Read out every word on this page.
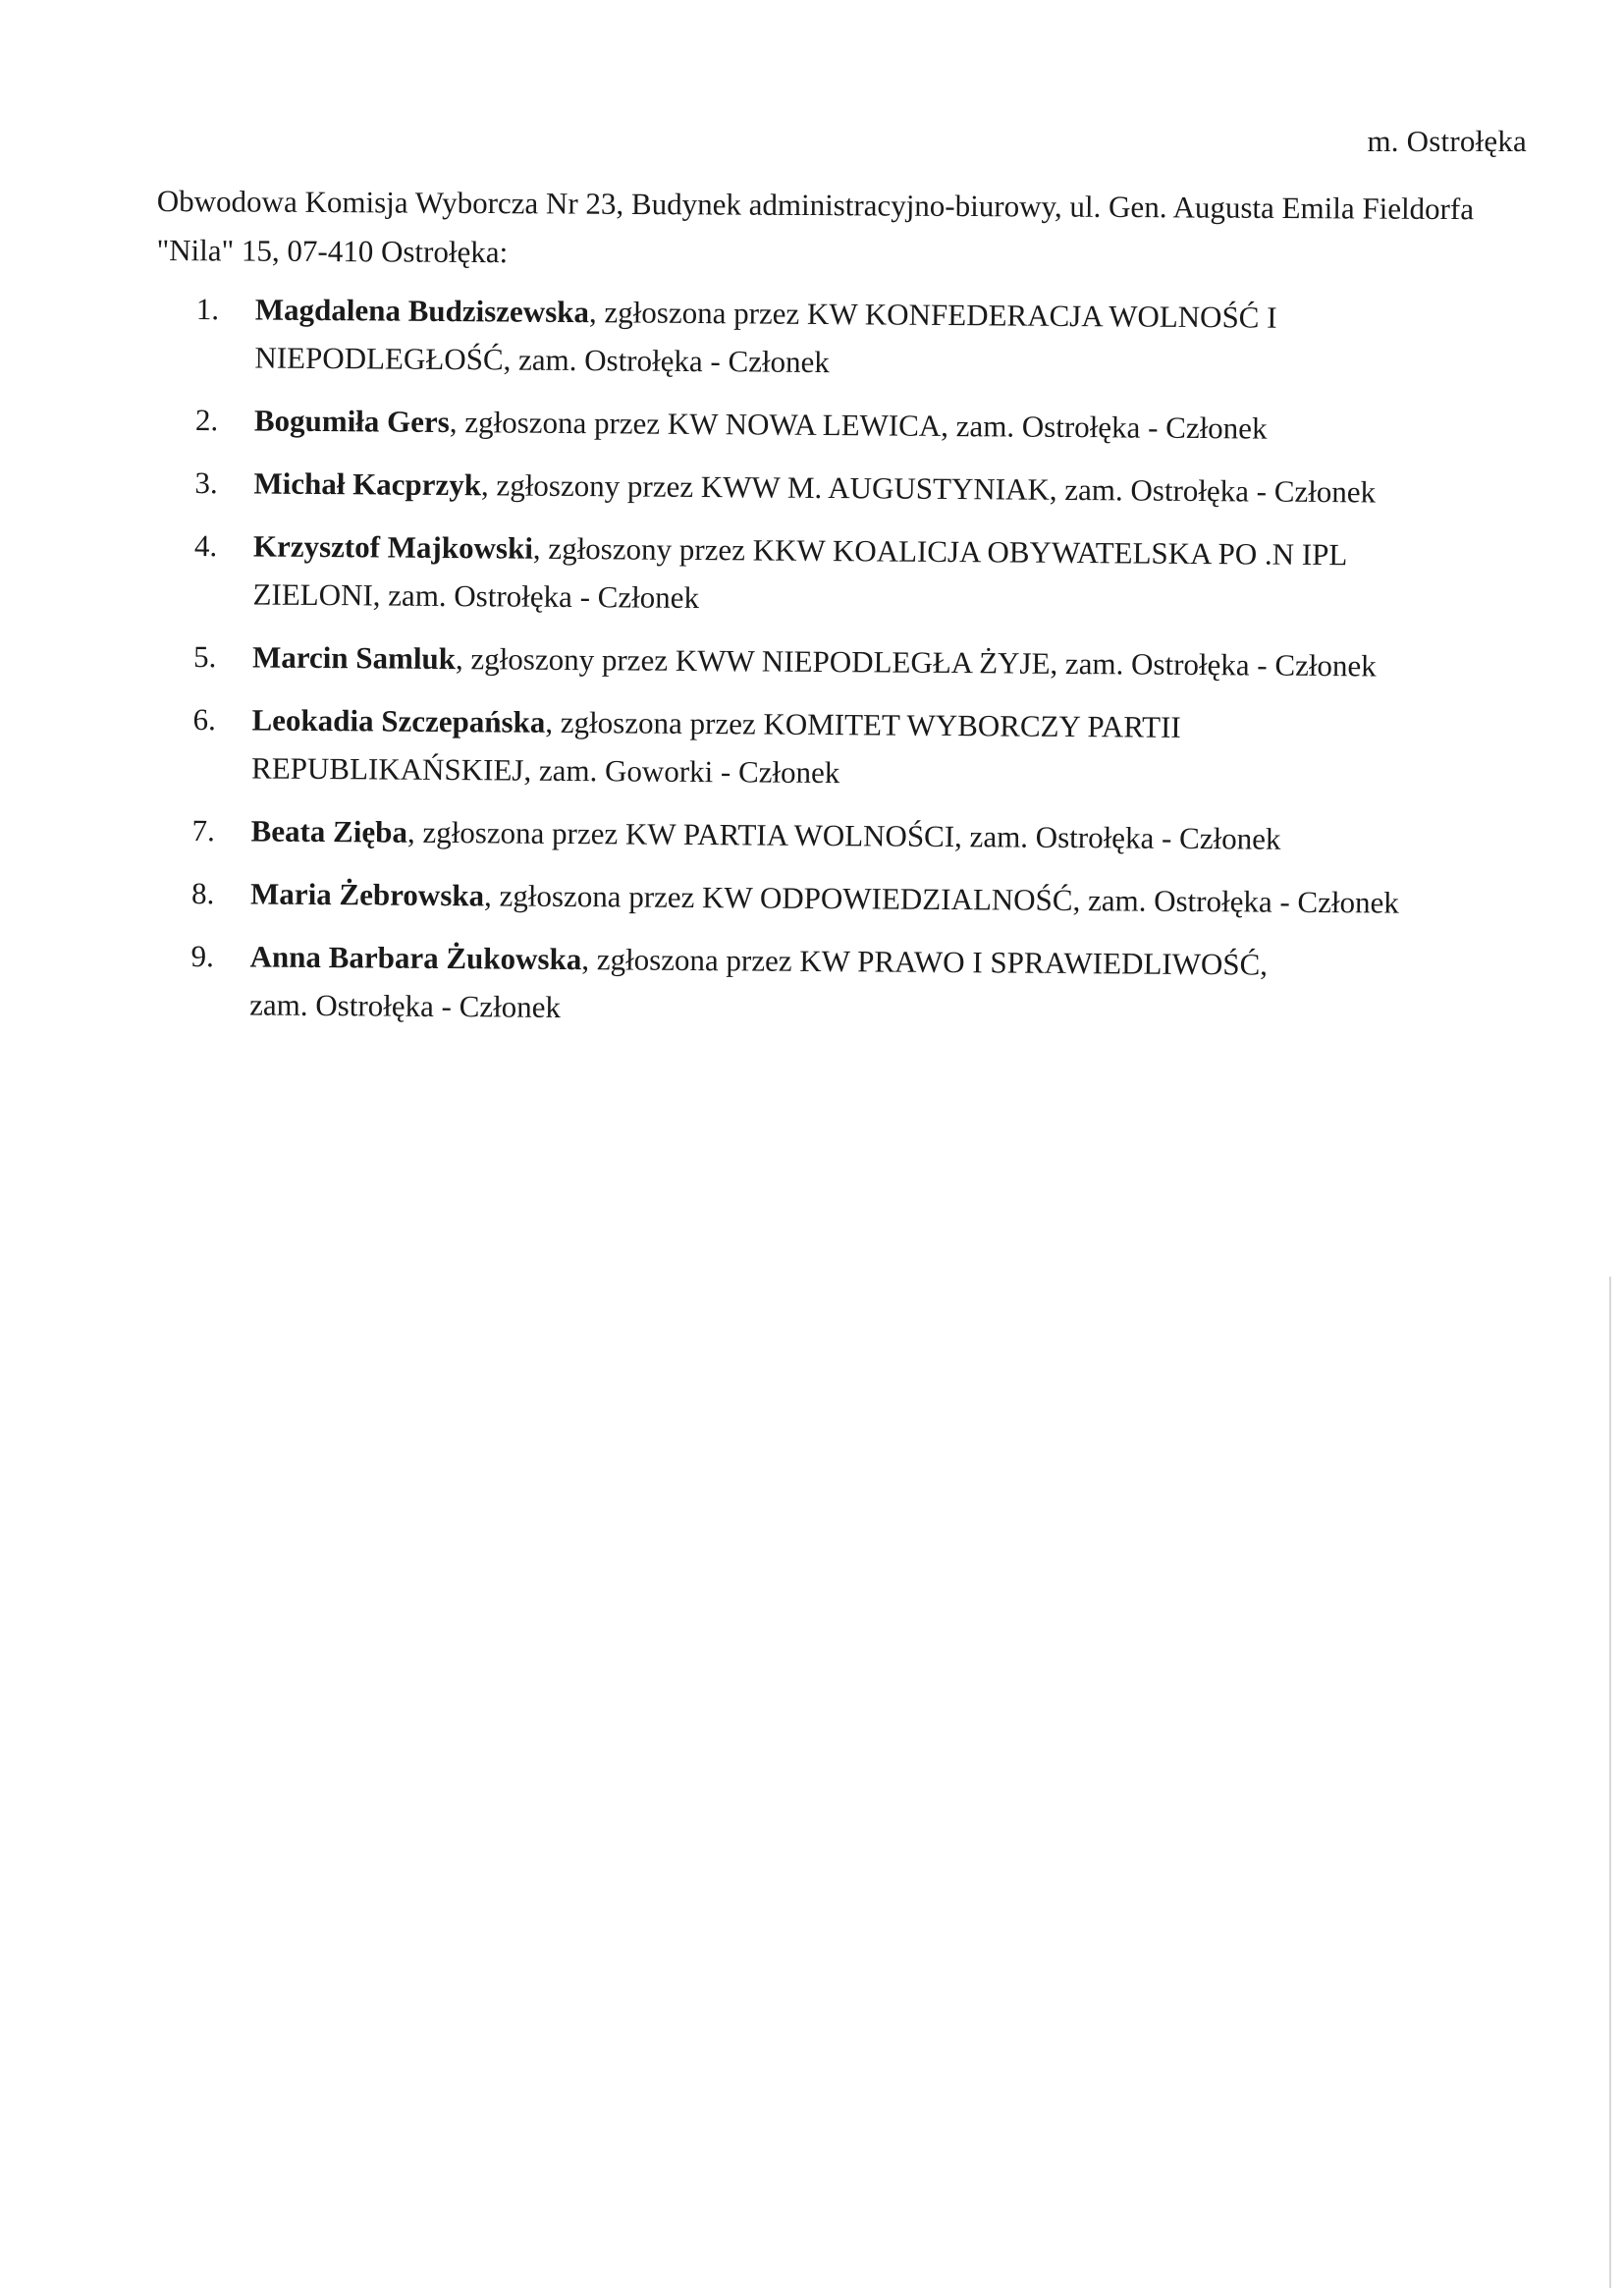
m. Ostrołęka
Obwodowa Komisja Wyborcza Nr 23, Budynek administracyjno-biurowy, ul. Gen. Augusta Emila Fieldorfa
"Nila" 15, 07-410 Ostrołęka:
1. Magdalena Budziszewska, zgłoszona przez KW KONFEDERACJA WOLNOŚĆ I
NIEPODLEGŁOŚĆ, zam. Ostrołęka - Członek
2. Bogumiła Gers, zgłoszona przez KW NOWA LEWICA, zam. Ostrołęka - Członek
3. Michał Kacprzyk, zgłoszony przez KWW M. AUGUSTYNIAK, zam. Ostrołęka - Członek
4. Krzysztof Majkowski, zgłoszony przez KKW KOALICJA OBYWATELSKA PO .N IPL
ZIELONI, zam. Ostrołęka - Członek
5. Marcin Samluk, zgłoszony przez KWW NIEPODLEGŁA ŻYJE, zam. Ostrołęka - Członek
6. Leokadia Szczepańska, zgłoszona przez KOMITET WYBORCZY PARTII
REPUBLIKAŃSKIEJ, zam. Goworki - Członek
7. Beata Zięba, zgłoszona przez KW PARTIA WOLNOŚCI, zam. Ostrołęka - Członek
8. Maria Żebrowska, zgłoszona przez KW ODPOWIEDZIALNOŚĆ, zam. Ostrołęka - Członek
9. Anna Barbara Żukowska, zgłoszona przez KW PRAWO I SPRAWIEDLIWOŚĆ,
zam. Ostrołęka - Członek
